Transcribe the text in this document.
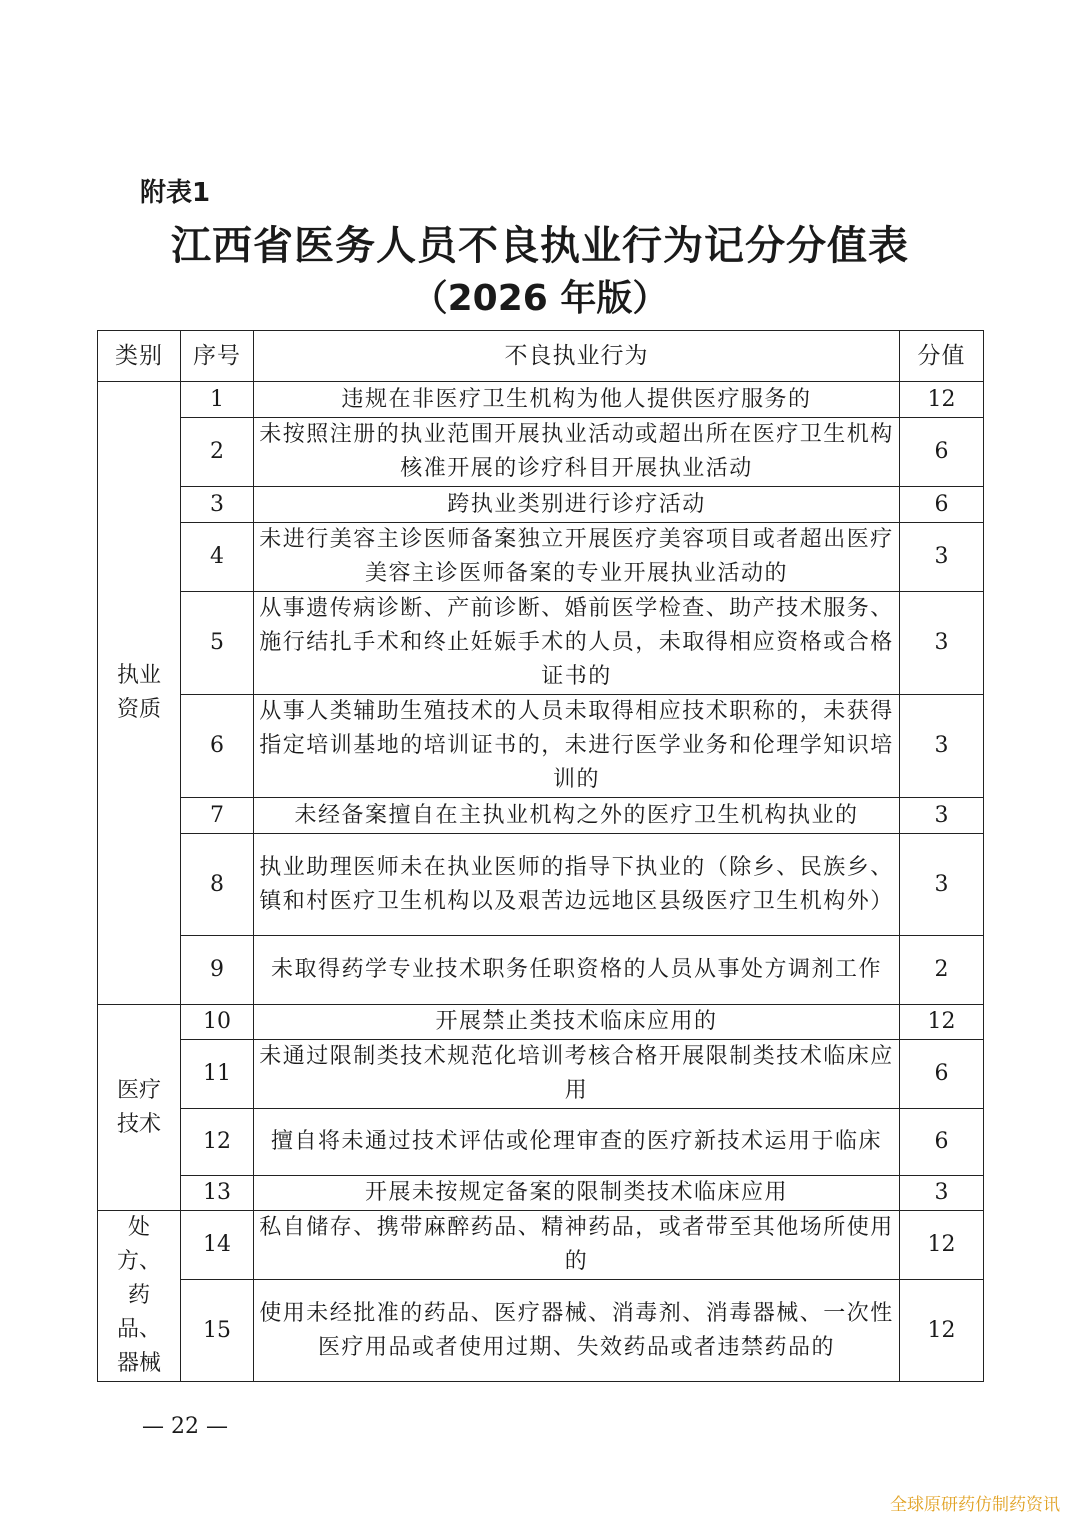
附表1
江西省医务人员不良执业行为记分分值表
（2026 年版）
类别	序号	不良执业行为	分值
执业资质	1	违规在非医疗卫生机构为他人提供医疗服务的	12
	2	未按照注册的执业范围开展执业活动或超出所在医疗卫生机构核准开展的诊疗科目开展执业活动	6
	3	跨执业类别进行诊疗活动	6
	4	未进行美容主诊医师备案独立开展医疗美容项目或者超出医疗美容主诊医师备案的专业开展执业活动的	3
	5	从事遗传病诊断、产前诊断、婚前医学检查、助产技术服务、施行结扎手术和终止妊娠手术的人员，未取得相应资格或合格证书的	3
	6	从事人类辅助生殖技术的人员未取得相应技术职称的，未获得指定培训基地的培训证书的，未进行医学业务和伦理学知识培训的	3
	7	未经备案擅自在主执业机构之外的医疗卫生机构执业的	3
	8	执业助理医师未在执业医师的指导下执业的（除乡、民族乡、镇和村医疗卫生机构以及艰苦边远地区县级医疗卫生机构外）	3
	9	未取得药学专业技术职务任职资格的人员从事处方调剂工作	2
医疗技术	10	开展禁止类技术临床应用的	12
	11	未通过限制类技术规范化培训考核合格开展限制类技术临床应用	6
	12	擅自将未通过技术评估或伦理审查的医疗新技术运用于临床	6
	13	开展未按规定备案的限制类技术临床应用	3
处方、药品、器械	14	私自储存、携带麻醉药品、精神药品，或者带至其他场所使用的	12
	15	使用未经批准的药品、医疗器械、消毒剂、消毒器械、一次性医疗用品或者使用过期、失效药品或者违禁药品的	12
— 22 —
全球原研药仿制药资讯
